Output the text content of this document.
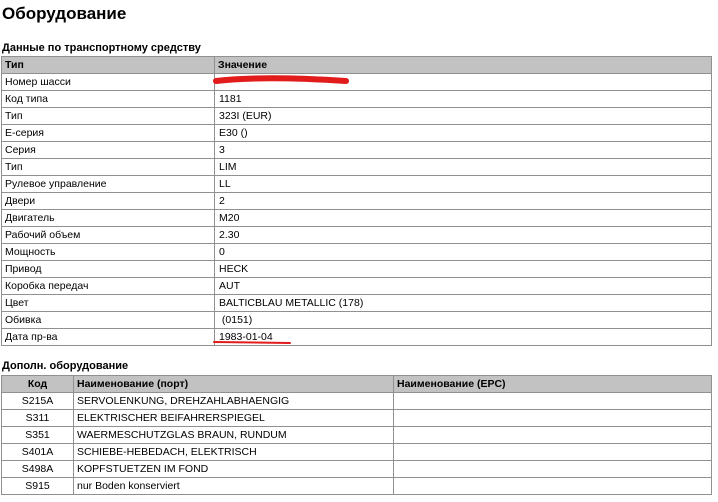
Оборудование
Данные по транспортному средству
Тип	Значение
Номер шасси	
Код типа	1181
Тип	323I (EUR)
E-серия	E30 ()
Серия	3
Тип	LIM
Рулевое управление	LL
Двери	2
Двигатель	M20
Рабочий объем	2.30
Мощность	0
Привод	HECK
Коробка передач	AUT
Цвет	BALTICBLAU METALLIC (178)
Обивка	(0151)
Дата пр-ва	1983-01-04
Дополн. оборудование
Код	Наименование (порт)	Наименование (EPC)
S215A	SERVOLENKUNG, DREHZAHLABHAENGIG	
S311	ELEKTRISCHER BEIFAHRERSPIEGEL	
S351	WAERMESCHUTZGLAS BRAUN, RUNDUM	
S401A	SCHIEBE-HEBEDACH, ELEKTRISCH	
S498A	KOPFSTUETZEN IM FOND	
S915	nur Boden konserviert	
